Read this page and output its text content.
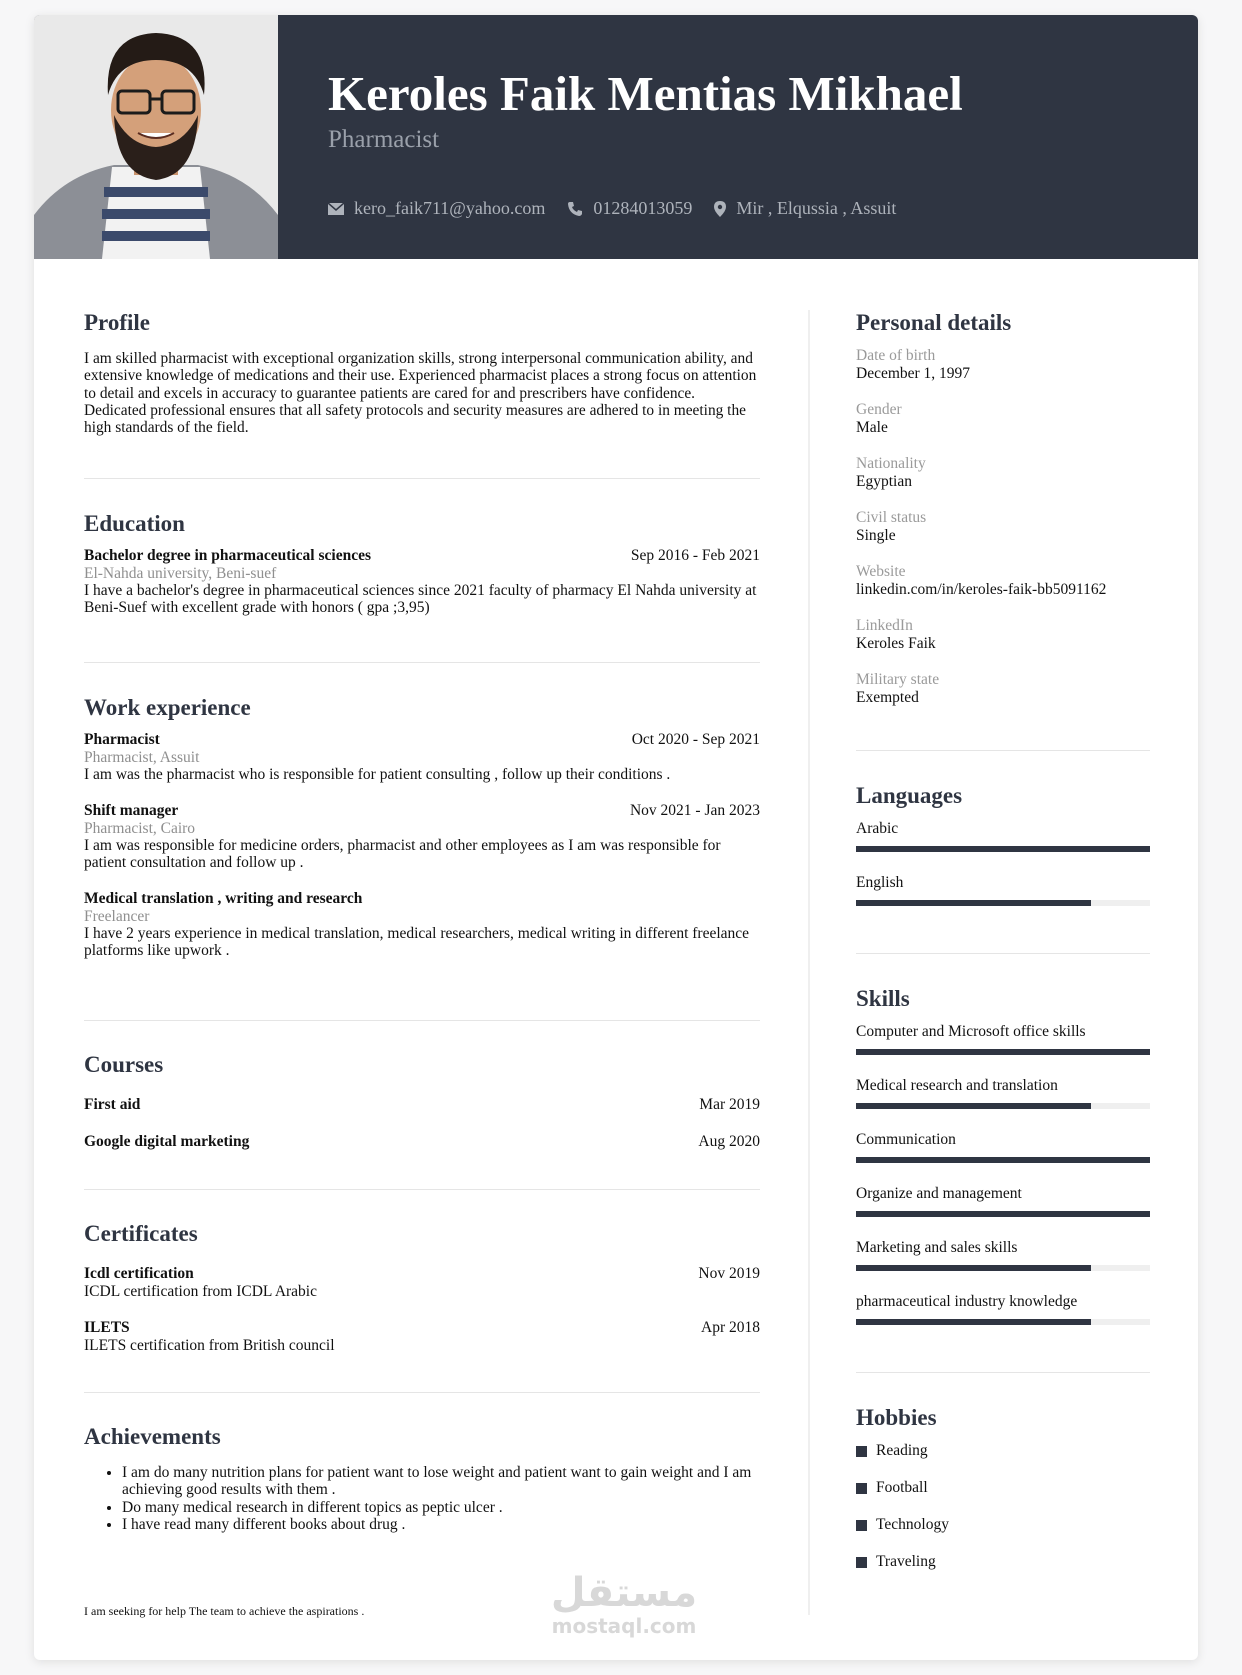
Keroles Faik Mentias Mikhael
Pharmacist
kero_faik711@yahoo.com	01284013059 Mir , Elqussia , Assuit
Profile

I am skilled pharmacist with exceptional organization skills, strong interpersonal communication ability, and extensive knowledge of medications and their use. Experienced pharmacist places a strong focus on attention to detail and excels in accuracy to guarantee patients are cared for and prescribers have confidence. Dedicated professional ensures that all safety protocols and security measures are adhered to in meeting the high standards of the field.

Education
Bachelor degree in pharmaceutical sciences	Sep 2016 - Feb 2021
El-Nahda university, Beni-suef
I have a bachelor's degree in pharmaceutical sciences since 2021 faculty of pharmacy El Nahda university at Beni-Suef with excellent grade with honors ( gpa ;3,95)
Work experience
Pharmacist	Oct 2020 - Sep 2021
Pharmacist, Assuit
I am was the pharmacist who is responsible for patient consulting , follow up their conditions .
Shift manager	Nov 2021 - Jan 2023
Pharmacist, Cairo
I am was responsible for medicine orders, pharmacist and other employees as I am was responsible for patient consultation and follow up .
Medical translation , writing and research
Freelancer
I have 2 years experience in medical translation, medical researchers, medical writing in different freelance platforms like upwork .
Courses
First aid	Mar 2019
Google digital marketing	Aug 2020
Certificates
Icdl certification	Nov 2019
ICDL certification from ICDL Arabic
ILETS	Apr 2018
ILETS certification from British council
Achievements
• I am do many nutrition plans for patient want to lose weight and patient want to gain weight and I am achieving good results with them .
• Do many medical research in different topics as peptic ulcer .
• I have read many different books about drug .
I am seeking for help The team to achieve the aspirations .
Personal details
Date of birth
December 1, 1997
Gender
Male
Nationality
Egyptian
Civil status
Single
Website
linkedin.com/in/keroles-faik-bb5091162
LinkedIn
Keroles Faik
Military state
Exempted
Languages
Arabic
English
Skills
Computer and Microsoft office skills
Medical research and translation
Communication
Organize and management
Marketing and sales skills
pharmaceutical industry knowledge
Hobbies
Reading
Football
Technology
Traveling
مستقل
mostaql.com
